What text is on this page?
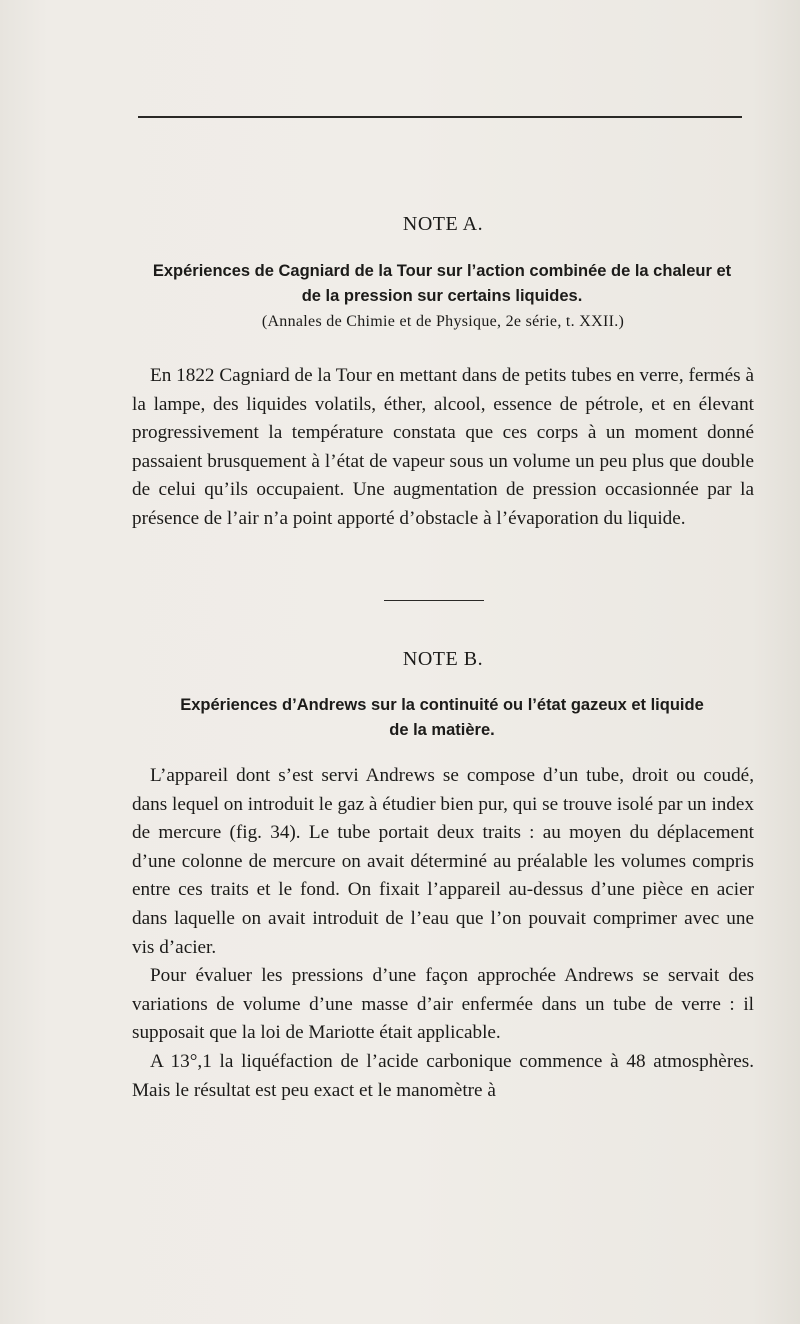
NOTE A.

Expériences de Cagniard de la Tour sur l’action combinée de la chaleur et de la pression sur certains liquides.

(Annales de Chimie et de Physique, 2e série, t. XXII.)

En 1822 Cagniard de la Tour en mettant dans de petits tubes en verre, fermés à la lampe, des liquides volatils, éther, alcool, essence de pétrole, et en élevant progressivement la température constata que ces corps à un moment donné passaient brusquement à l’état de vapeur sous un volume un peu plus que double de celui qu’ils occupaient. Une augmentation de pression occasionnée par la présence de l’air n’a point apporté d’obstacle à l’évaporation du liquide.

NOTE B.

Expériences d’Andrews sur la continuité ou l’état gazeux et liquide de la matière.

L’appareil dont s’est servi Andrews se compose d’un tube, droit ou coudé, dans lequel on introduit le gaz à étudier bien pur, qui se trouve isolé par un index de mercure (fig. 34). Le tube portait deux traits : au moyen du déplacement d’une colonne de mercure on avait déterminé au préalable les volumes compris entre ces traits et le fond. On fixait l’appareil au-dessus d’une pièce en acier dans laquelle on avait introduit de l’eau que l’on pouvait comprimer avec une vis d’acier.

Pour évaluer les pressions d’une façon approchée Andrews se servait des variations de volume d’une masse d’air enfermée dans un tube de verre : il supposait que la loi de Mariotte était applicable.

A 13°,1 la liquéfaction de l’acide carbonique commence à 48 atmosphères. Mais le résultat est peu exact et le manomètre à
